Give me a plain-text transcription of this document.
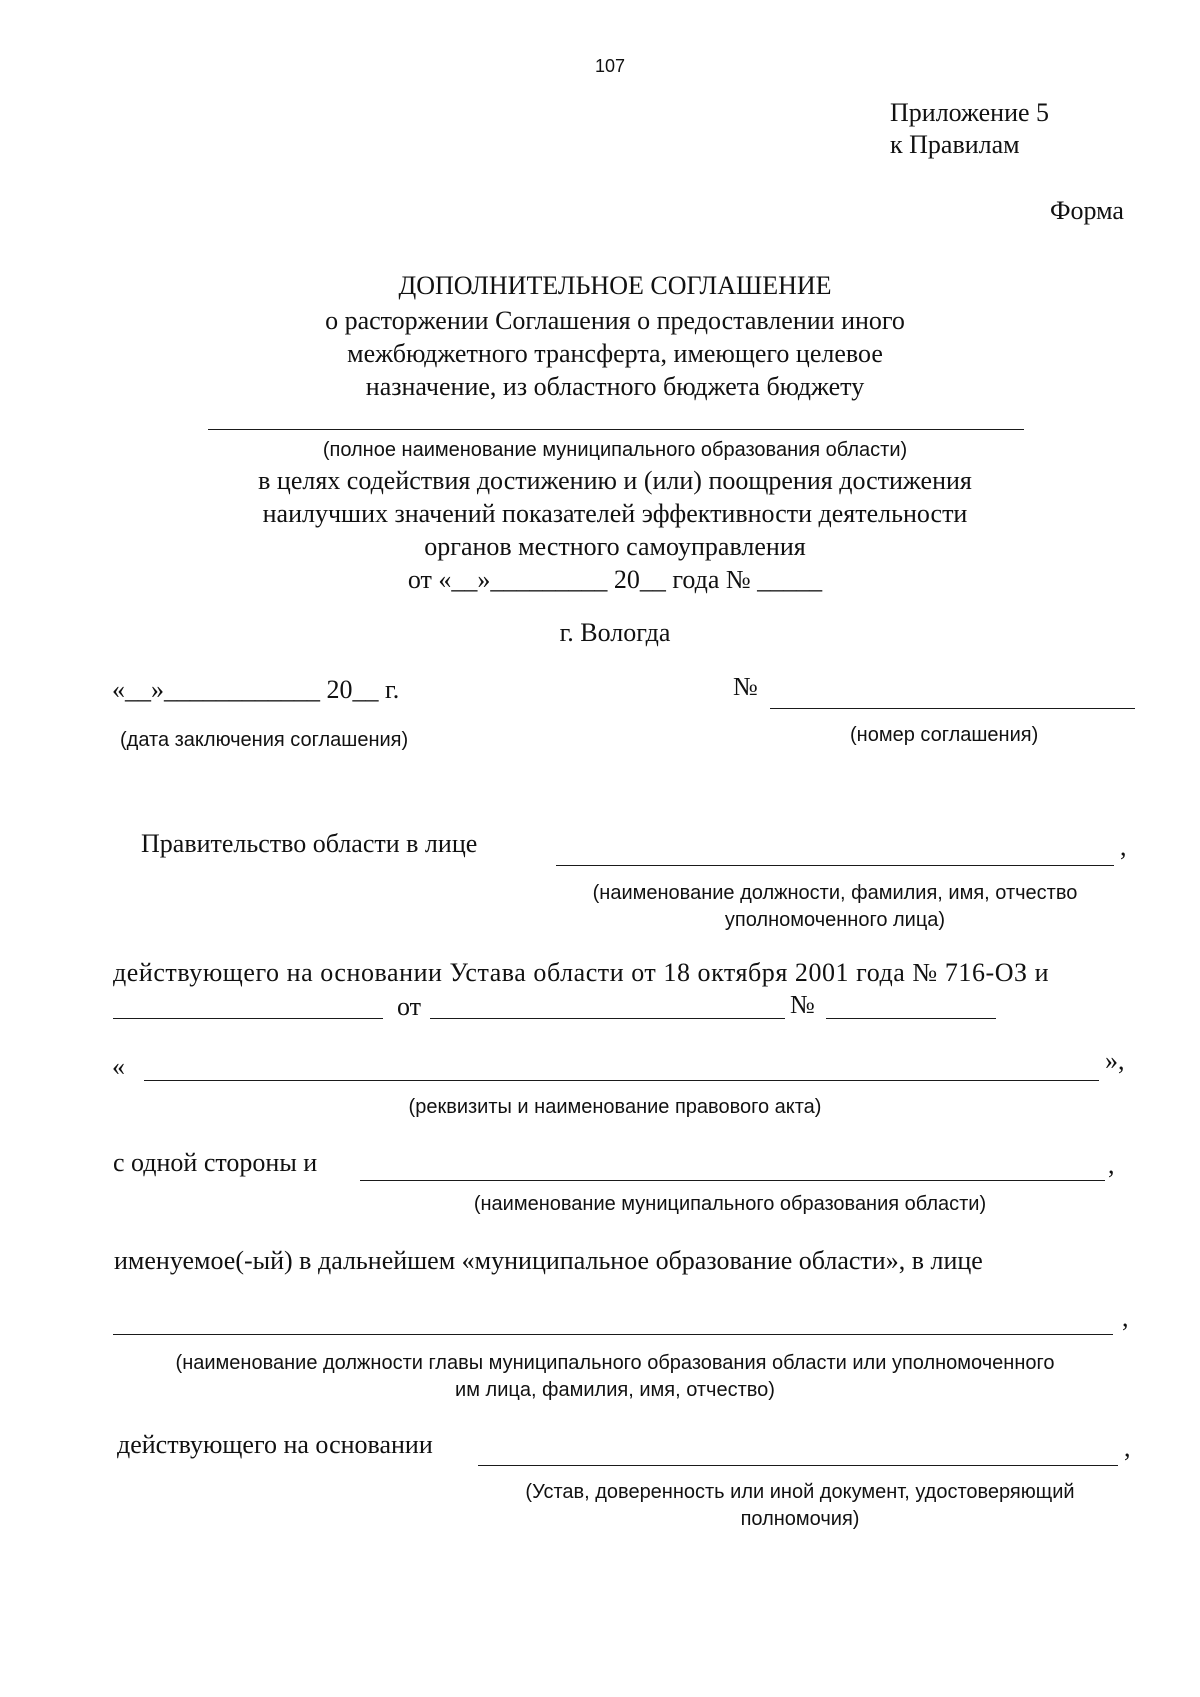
107
Приложение 5
к Правилам
Форма
ДОПОЛНИТЕЛЬНОЕ СОГЛАШЕНИЕ
о расторжении Соглашения о предоставлении иного
межбюджетного трансферта, имеющего целевое
назначение, из областного бюджета бюджету
(полное наименование муниципального образования области)
в целях содействия достижению и (или) поощрения достижения
наилучших значений показателей эффективности деятельности
органов местного самоуправления
от «__»_________ 20__ года № _____
г. Вологда
«__»____________ 20__ г.	№
(дата заключения соглашения)	(номер соглашения)
Правительство области в лице	,
(наименование должности, фамилия, имя, отчество
уполномоченного лица)
действующего на основании Устава области от 18 октября 2001 года № 716-ОЗ и
от	№
«	»,
(реквизиты и наименование правового акта)
с одной стороны и	,
(наименование муниципального образования области)
именуемое(-ый) в дальнейшем «муниципальное образование области», в лице
,
(наименование должности главы муниципального образования области или уполномоченного
им лица, фамилия, имя, отчество)
действующего на основании	,
(Устав, доверенность или иной документ, удостоверяющий
полномочия)
